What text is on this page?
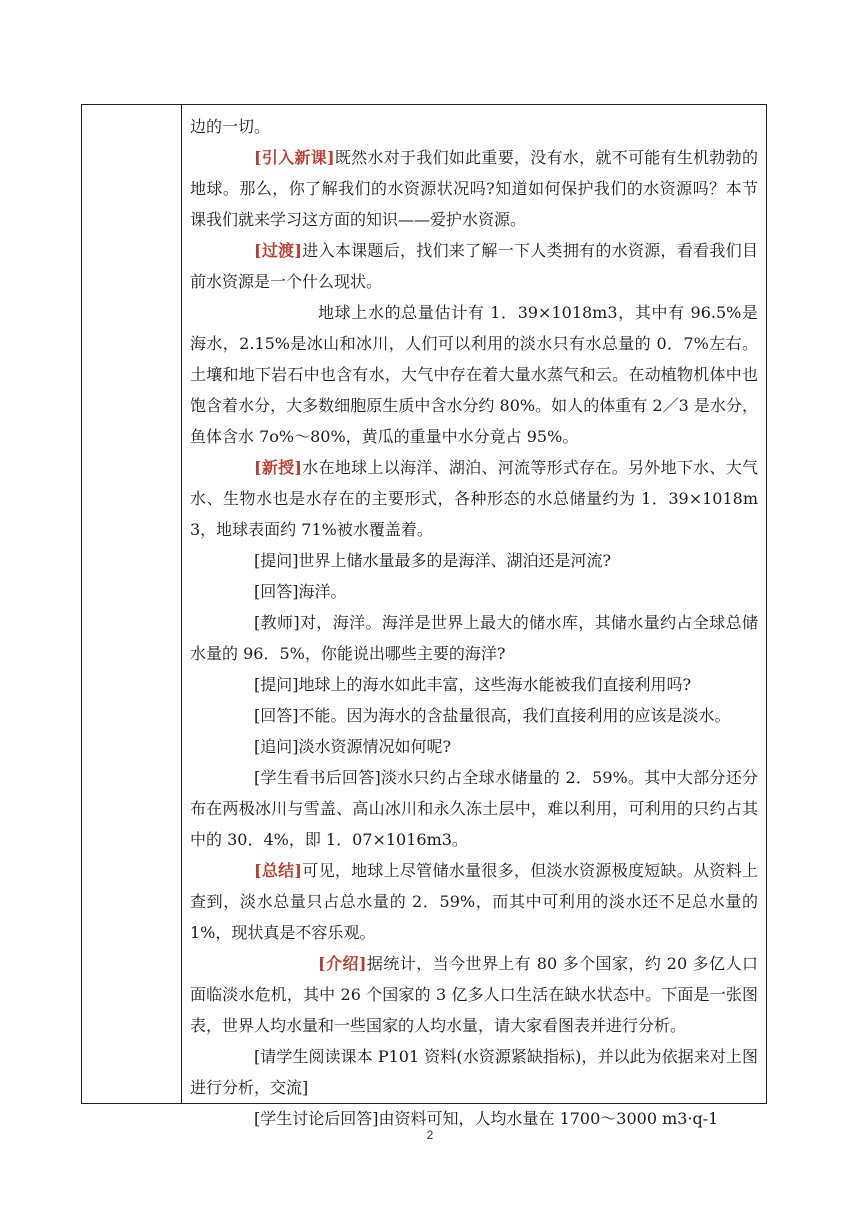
边的一切。

[引入新课]既然水对于我们如此重要，没有水，就不可能有生机勃勃的地球。那么，你了解我们的水资源状况吗?知道如何保护我们的水资源吗？本节课我们就来学习这方面的知识——爱护水资源。

[过渡]进入本课题后，找们来了解一下人类拥有的水资源，看看我们目前水资源是一个什么现状。

地球上水的总量估计有 1．39×1018m3，其中有 96.5%是海水，2.15%是冰山和冰川，人们可以利用的淡水只有水总量的 0．7%左右。土壤和地下岩石中也含有水，大气中存在着大量水蒸气和云。在动植物机体中也饱含着水分，大多数细胞原生质中含水分约 80%。如人的体重有 2／3 是水分，鱼体含水 7o%～80%，黄瓜的重量中水分竟占 95%。

[新授]水在地球上以海洋、湖泊、河流等形式存在。另外地下水、大气水、生物水也是水存在的主要形式，各种形态的水总储量约为 1．39×1018m3，地球表面约 71%被水覆盖着。

[提问]世界上储水量最多的是海洋、湖泊还是河流?

[回答]海洋。

[教师]对，海洋。海洋是世界上最大的储水库，其储水量约占全球总储水量的 96．5%，你能说出哪些主要的海洋?

[提问]地球上的海水如此丰富，这些海水能被我们直接利用吗?

[回答]不能。因为海水的含盐量很高，我们直接利用的应该是淡水。

[追问]淡水资源情况如何呢?

[学生看书后回答]淡水只约占全球水储量的 2．59%。其中大部分还分布在两极冰川与雪盖、高山冰川和永久冻土层中，难以利用，可利用的只约占其中的 30．4%，即 1．07×1016m3。

[总结]可见，地球上尽管储水量很多，但淡水资源极度短缺。从资料上查到，淡水总量只占总水量的 2．59%，而其中可利用的淡水还不足总水量的 1%，现状真是不容乐观。

[介绍]据统计，当今世界上有 80 多个国家，约 20 多亿人口面临淡水危机，其中 26 个国家的 3 亿多人口生活在缺水状态中。下面是一张图表，世界人均水量和一些国家的人均水量，请大家看图表并进行分析。

[请学生阅读课本 P101 资料(水资源紧缺指标)，并以此为依据来对上图进行分析，交流]

[学生讨论后回答]由资料可知，人均水量在 1700～3000 m3·q-1

2
